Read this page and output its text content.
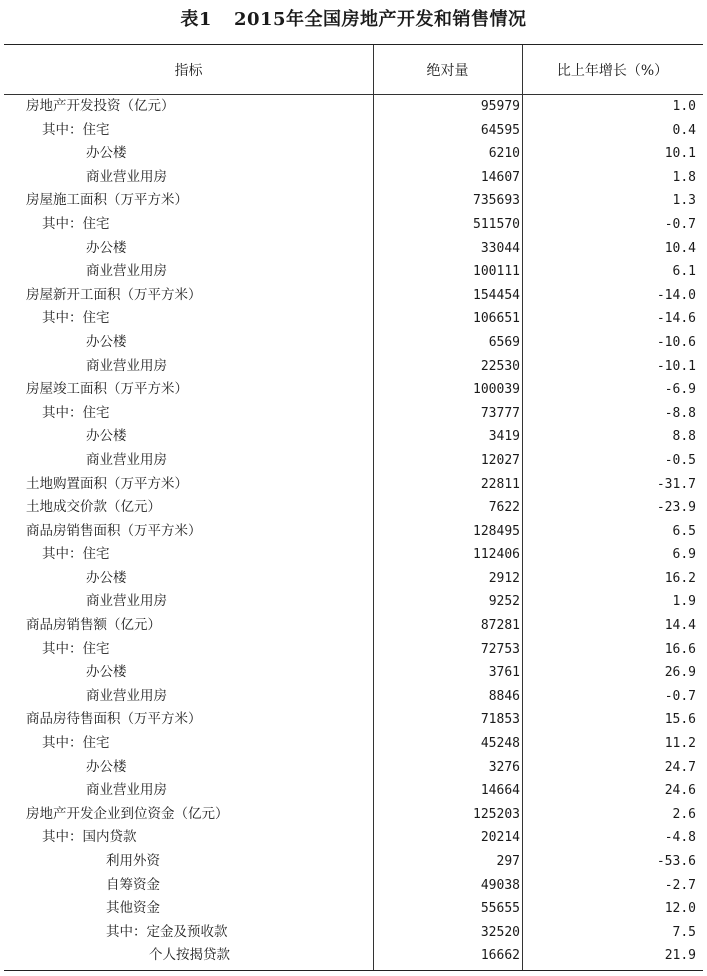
表1 2015年全国房地产开发和销售情况
指标	绝对量	比上年增长（%）
房地产开发投资（亿元）	95979	1.0
其中：住宅	64595	0.4
办公楼	6210	10.1
商业营业用房	14607	1.8
房屋施工面积（万平方米）	735693	1.3
其中：住宅	511570	-0.7
办公楼	33044	10.4
商业营业用房	100111	6.1
房屋新开工面积（万平方米）	154454	-14.0
其中：住宅	106651	-14.6
办公楼	6569	-10.6
商业营业用房	22530	-10.1
房屋竣工面积（万平方米）	100039	-6.9
其中：住宅	73777	-8.8
办公楼	3419	8.8
商业营业用房	12027	-0.5
土地购置面积（万平方米）	22811	-31.7
土地成交价款（亿元）	7622	-23.9
商品房销售面积（万平方米）	128495	6.5
其中：住宅	112406	6.9
办公楼	2912	16.2
商业营业用房	9252	1.9
商品房销售额（亿元）	87281	14.4
其中：住宅	72753	16.6
办公楼	3761	26.9
商业营业用房	8846	-0.7
商品房待售面积（万平方米）	71853	15.6
其中：住宅	45248	11.2
办公楼	3276	24.7
商业营业用房	14664	24.6
房地产开发企业到位资金（亿元）	125203	2.6
其中：国内贷款	20214	-4.8
利用外资	297	-53.6
自筹资金	49038	-2.7
其他资金	55655	12.0
其中：定金及预收款	32520	7.5
个人按揭贷款	16662	21.9
